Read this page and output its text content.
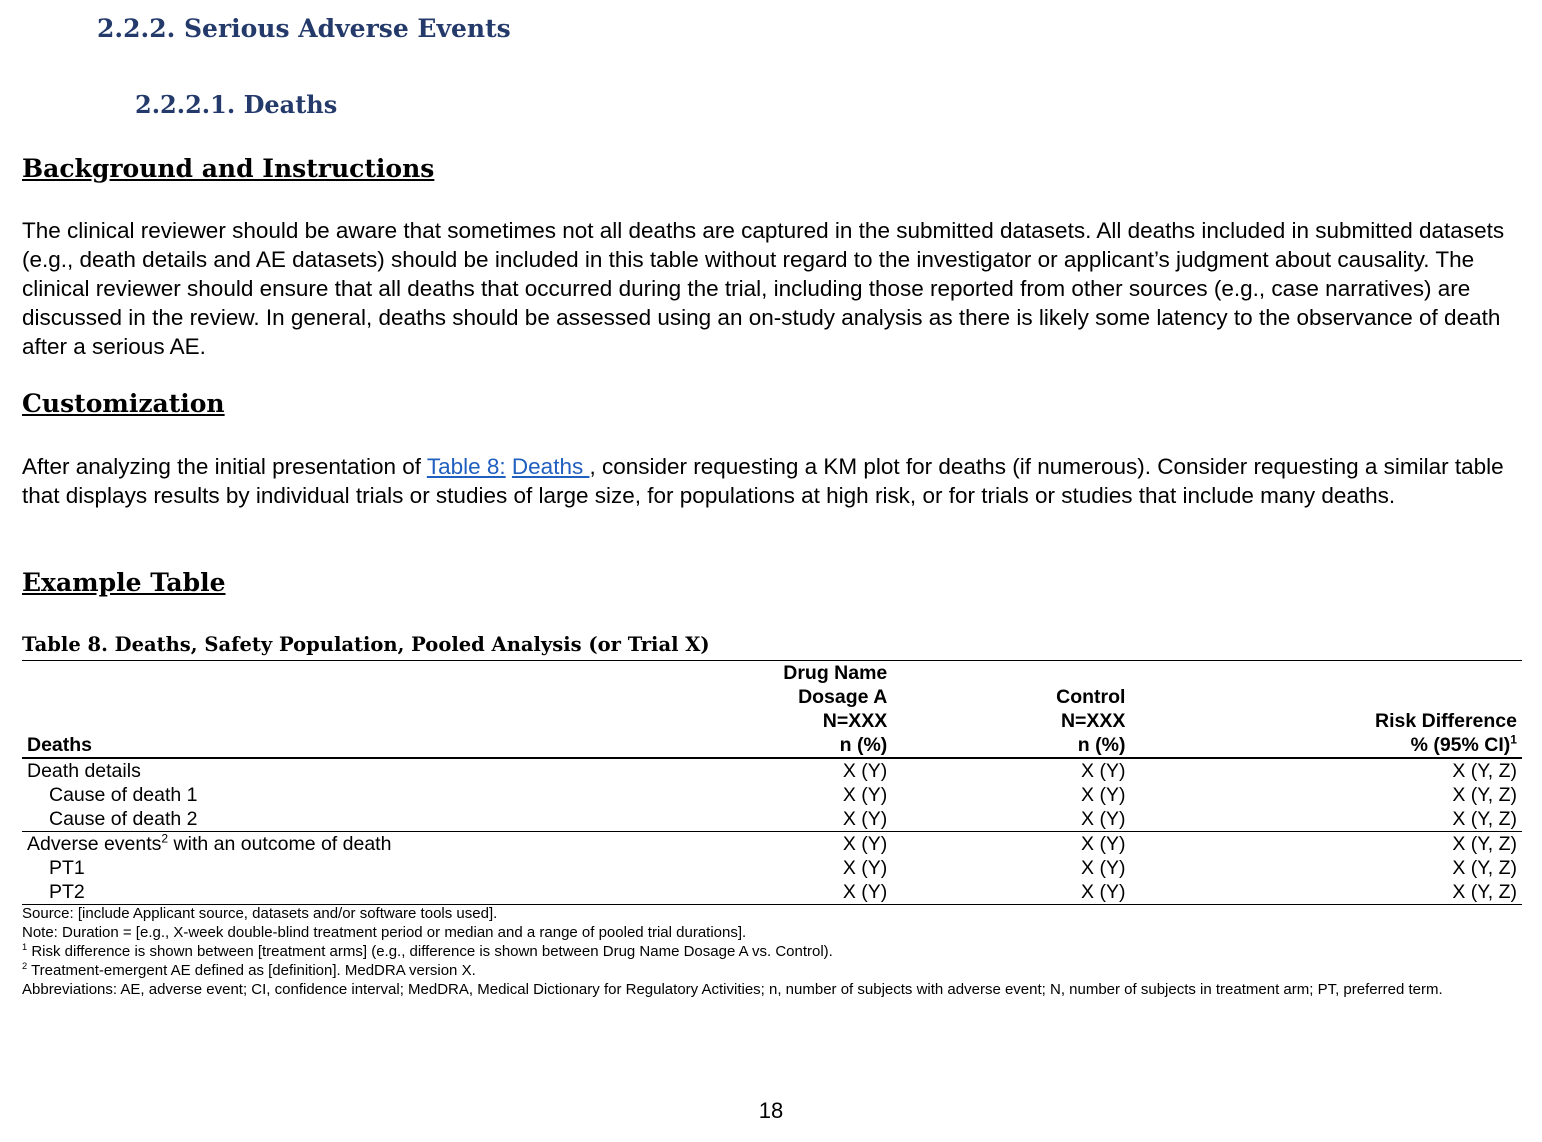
2.2.2. Serious Adverse Events
2.2.2.1. Deaths
Background and Instructions

The clinical reviewer should be aware that sometimes not all deaths are captured in the submitted datasets. All deaths included in submitted datasets (e.g., death details and AE datasets) should be included in this table without regard to the investigator or applicant’s judgment about causality. The clinical reviewer should ensure that all deaths that occurred during the trial, including those reported from other sources (e.g., case narratives) are discussed in the review. In general, deaths should be assessed using an on-study analysis as there is likely some latency to the observance of death after a serious AE.

Customization

After analyzing the initial presentation of Table 8: Deaths , consider requesting a KM plot for deaths (if numerous). Consider requesting a similar table that displays results by individual trials or studies of large size, for populations at high risk, or for trials or studies that include many deaths.

Example Table

Table 8. Deaths, Safety Population, Pooled Analysis (or Trial X)

Deaths	Drug Name
Dosage A
N=XXX
n (%)	Control
N=XXX
n (%)	Risk Difference
% (95% CI)$^1$

Death details	X (Y)	X (Y)	X (Y, Z)
Cause of death 1	X (Y)	X (Y)	X (Y, Z)
Cause of death 2	X (Y)	X (Y)	X (Y, Z)
Adverse events$^2$ with an outcome of death	X (Y)	X (Y)	X (Y, Z)
PT1	X (Y)	X (Y)	X (Y, Z)
PT2	X (Y)	X (Y)	X (Y, Z)
Source: [include Applicant source, datasets and/or software tools used].
Note: Duration = [e.g., X-week double-blind treatment period or median and a range of pooled trial durations].
$^1$ Risk difference is shown between [treatment arms] (e.g., difference is shown between Drug Name Dosage A vs. Control).
$^2$ Treatment-emergent AE defined as [definition]. MedDRA version X.
Abbreviations: AE, adverse event; CI, confidence interval; MedDRA, Medical Dictionary for Regulatory Activities; n, number of subjects with adverse event; N, number of subjects in treatment arm; PT, preferred term.
18
